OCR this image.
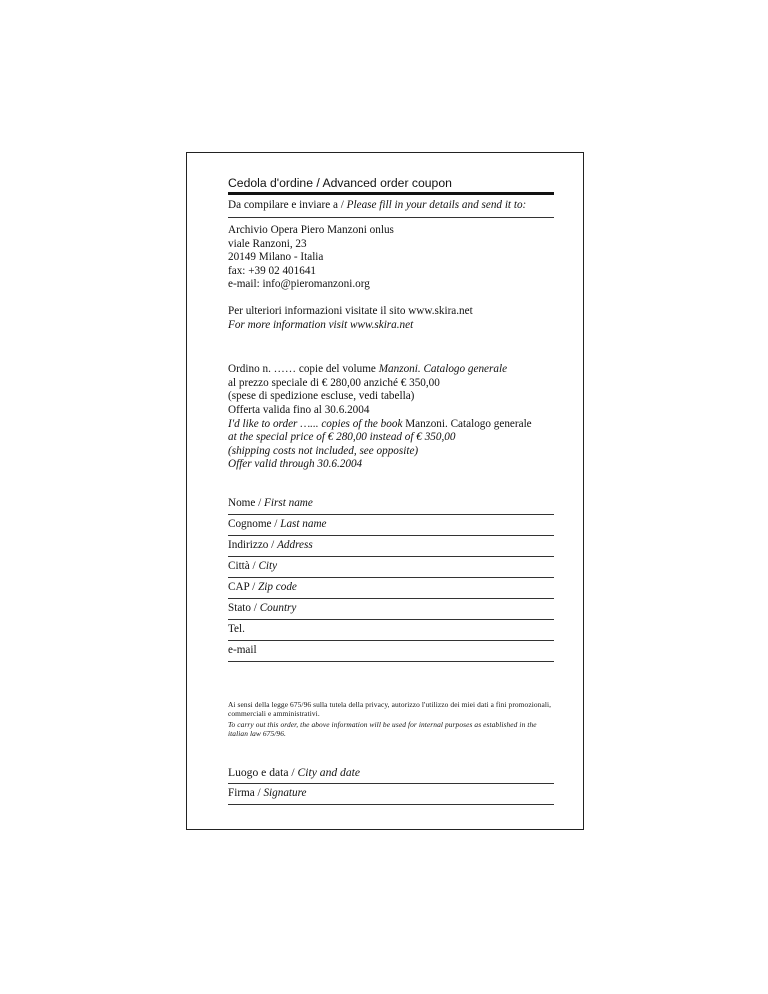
Cedola d'ordine / Advanced order coupon
Da compilare e inviare a / Please fill in your details and send it to:
Archivio Opera Piero Manzoni onlus
viale Ranzoni, 23
20149 Milano - Italia
fax: +39 02 401641
e-mail: info@pieromanzoni.org
Per ulteriori informazioni visitate il sito www.skira.net
For more information visit www.skira.net
Ordino n. …… copie del volume Manzoni. Catalogo generale
al prezzo speciale di € 280,00 anziché € 350,00
(spese di spedizione escluse, vedi tabella)
Offerta valida fino al 30.6.2004
I'd like to order …... copies of the book Manzoni. Catalogo generale
at the special price of € 280,00 instead of € 350,00
(shipping costs not included, see opposite)
Offer valid through 30.6.2004
Nome / First name
Cognome / Last name
Indirizzo / Address
Città / City
CAP / Zip code
Stato / Country
Tel.
e-mail
Ai sensi della legge 675/96 sulla tutela della privacy, autorizzo l'utilizzo dei miei dati a fini promozionali, commerciali e amministrativi.
To carry out this order, the above information will be used for internal purposes as established in the italian law 675/96.
Luogo e data / City and date
Firma / Signature
